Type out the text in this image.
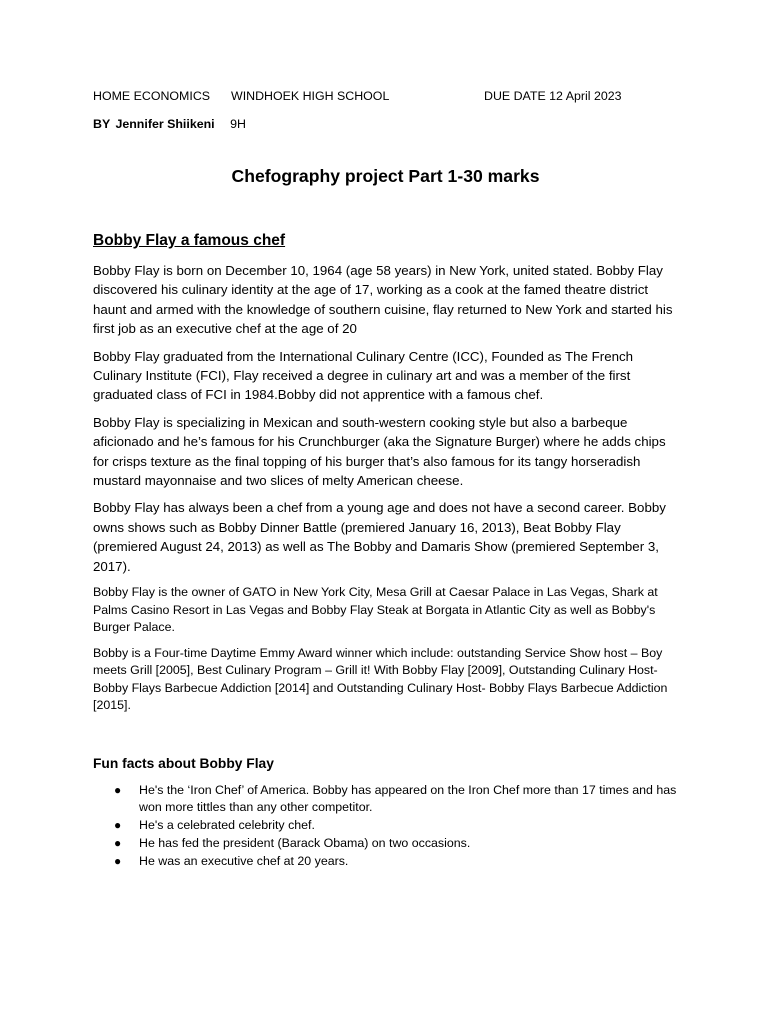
HOME ECONOMICS WINDHOEK HIGH SCHOOL	DUE DATE 12 April 2023
BY Jennifer Shiikeni 9H
Chefography project Part 1-30 marks
Bobby Flay a famous chef

Bobby Flay is born on December 10, 1964 (age 58 years) in New York, united stated. Bobby Flay discovered his culinary identity at the age of 17, working as a cook at the famed theatre district haunt and armed with the knowledge of southern cuisine, flay returned to New York and started his first job as an executive chef at the age of 20

Bobby Flay graduated from the International Culinary Centre (ICC), Founded as The French Culinary Institute (FCI), Flay received a degree in culinary art and was a member of the first graduated class of FCI in 1984.Bobby did not apprentice with a famous chef.

Bobby Flay is specializing in Mexican and south-western cooking style but also a barbeque aficionado and he’s famous for his Crunchburger (aka the Signature Burger) where he adds chips for crisps texture as the final topping of his burger that’s also famous for its tangy horseradish mustard mayonnaise and two slices of melty American cheese.

Bobby Flay has always been a chef from a young age and does not have a second career. Bobby owns shows such as Bobby Dinner Battle (premiered January 16, 2013), Beat Bobby Flay (premiered August 24, 2013) as well as The Bobby and Damaris Show (premiered September 3, 2017).

Bobby Flay is the owner of GATO in New York City, Mesa Grill at Caesar Palace in Las Vegas, Shark at Palms Casino Resort in Las Vegas and Bobby Flay Steak at Borgata in Atlantic City as well as Bobby's Burger Palace.

Bobby is a Four-time Daytime Emmy Award winner which include: outstanding Service Show host – Boy meets Grill [2005], Best Culinary Program – Grill it! With Bobby Flay [2009], Outstanding Culinary Host-Bobby Flays Barbecue Addiction [2014] and Outstanding Culinary Host- Bobby Flays Barbecue Addiction [2015].

Fun facts about Bobby Flay
● He's the ‘Iron Chef’ of America. Bobby has appeared on the Iron Chef more than 17 times and has won more tittles than any other competitor.
● He's a celebrated celebrity chef.
● He has fed the president (Barack Obama) on two occasions.
● He was an executive chef at 20 years.
